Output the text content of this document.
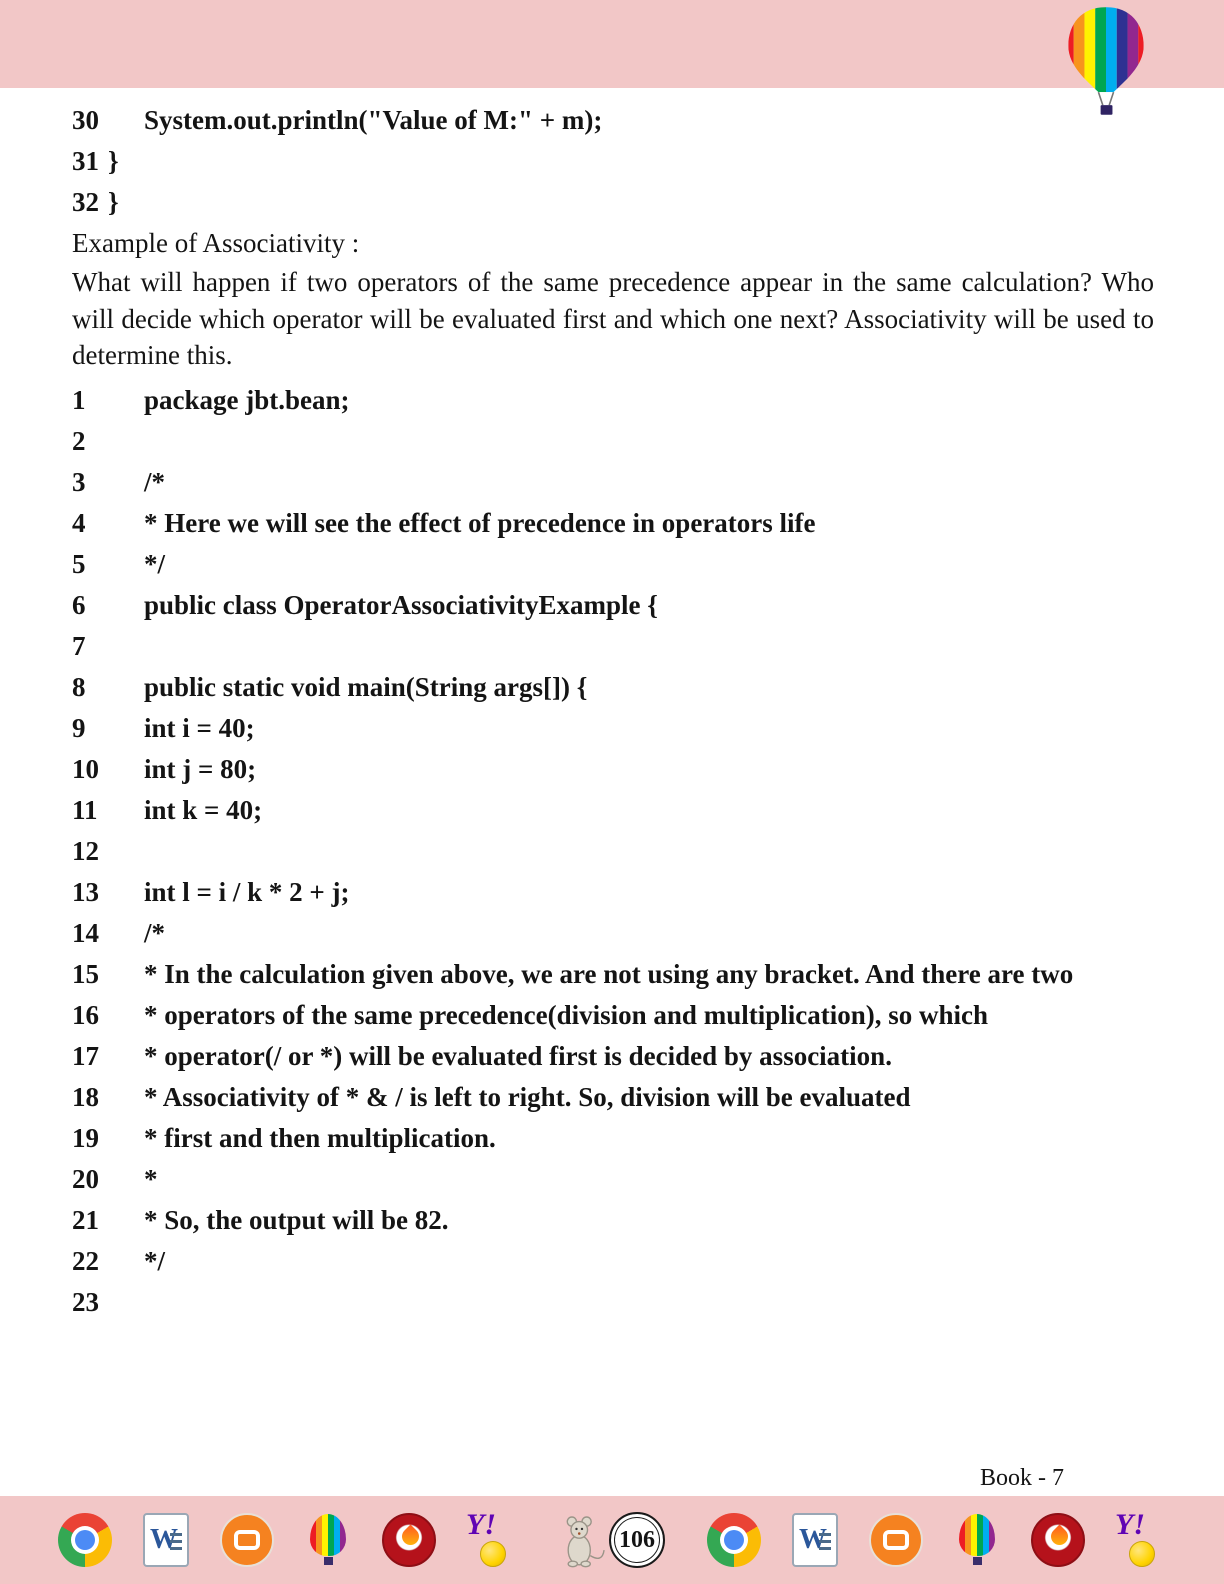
30	System.out.println("Value of M:" + m);
31 }
32 }

Example of Associativity :

What will happen if two operators of the same precedence appear in the same calculation? Who will decide which operator will be evaluated first and which one next? Associativity will be used to determine this.

1	package jbt.bean;
2
3	/*
4	* Here we will see the effect of precedence in operators life
5	*/
6	public class OperatorAssociativityExample {
7
8	public static void main(String args[]) {
9	int i = 40;
10	int j = 80;
11	int k = 40;
12
13	int l = i / k * 2 + j;
14	/*
15	* In the calculation given above, we are not using any bracket. And there are two
16	* operators of the same precedence(division and multiplication), so which
17	* operator(/ or *) will be evaluated first is decided by association.
18	* Associativity of * & / is left to right. So, division will be evaluated
19	* first and then multiplication.
20	*
21	* So, the output will be 82.
22	*/
23
Book - 7
W
Y!
106
W
Y!
